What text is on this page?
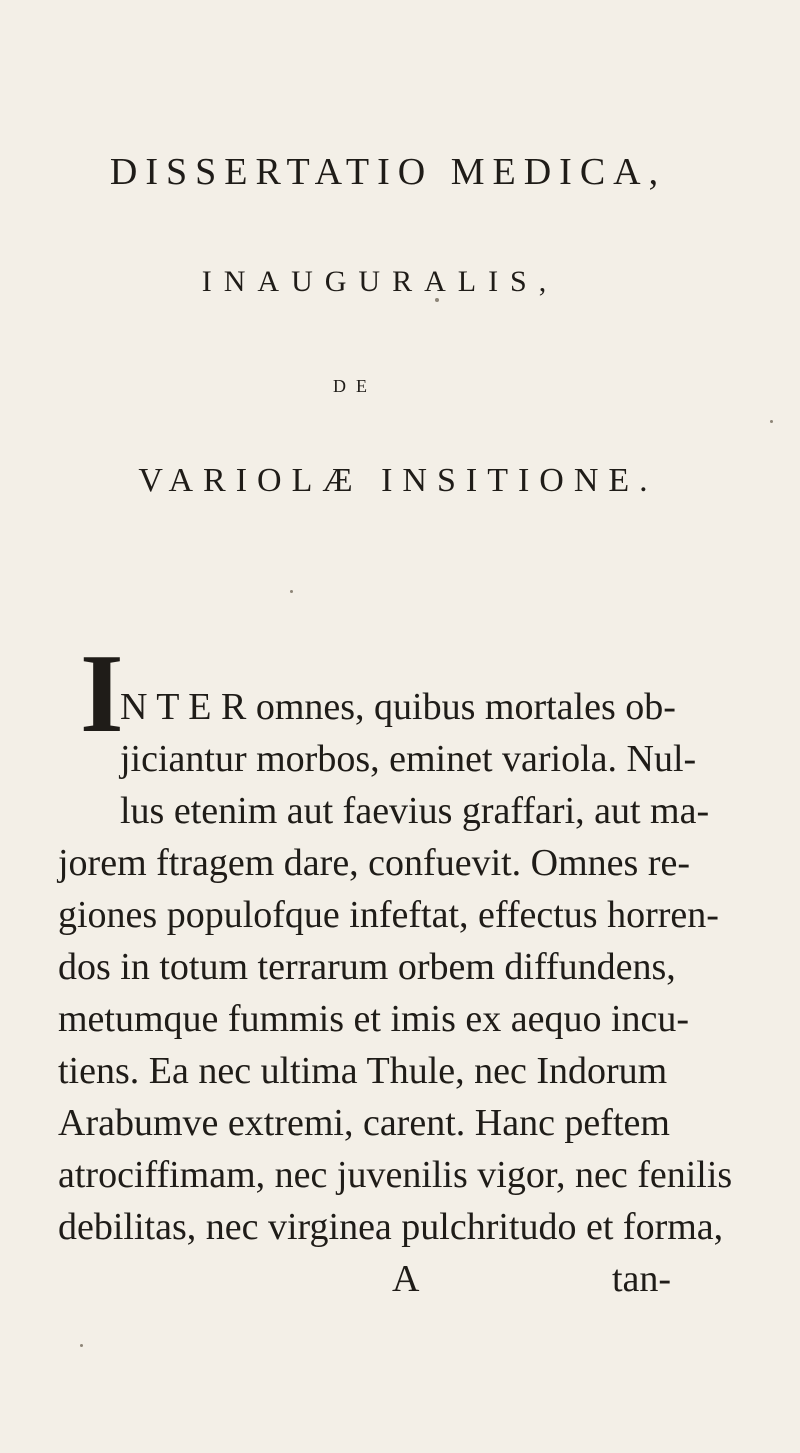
DISSERTATIO MEDICA,
INAUGURALIS,
DE
VARIOLÆ INSITIONE.
I
N T E R omnes, quibus mortales ob-
jiciantur morbos, eminet variola. Nul-
lus etenim aut faevius graffari, aut ma-
jorem ftragem dare, confuevit. Omnes re-
giones populofque infeftat, effectus horren-
dos in totum terrarum orbem diffundens,
metumque fummis et imis ex aequo incu-
tiens. Ea nec ultima Thule, nec Indorum
Arabumve extremi, carent. Hanc peftem
atrociffimam, nec juvenilis vigor, nec fenilis
debilitas, nec virginea pulchritudo et forma,
A	tan-
